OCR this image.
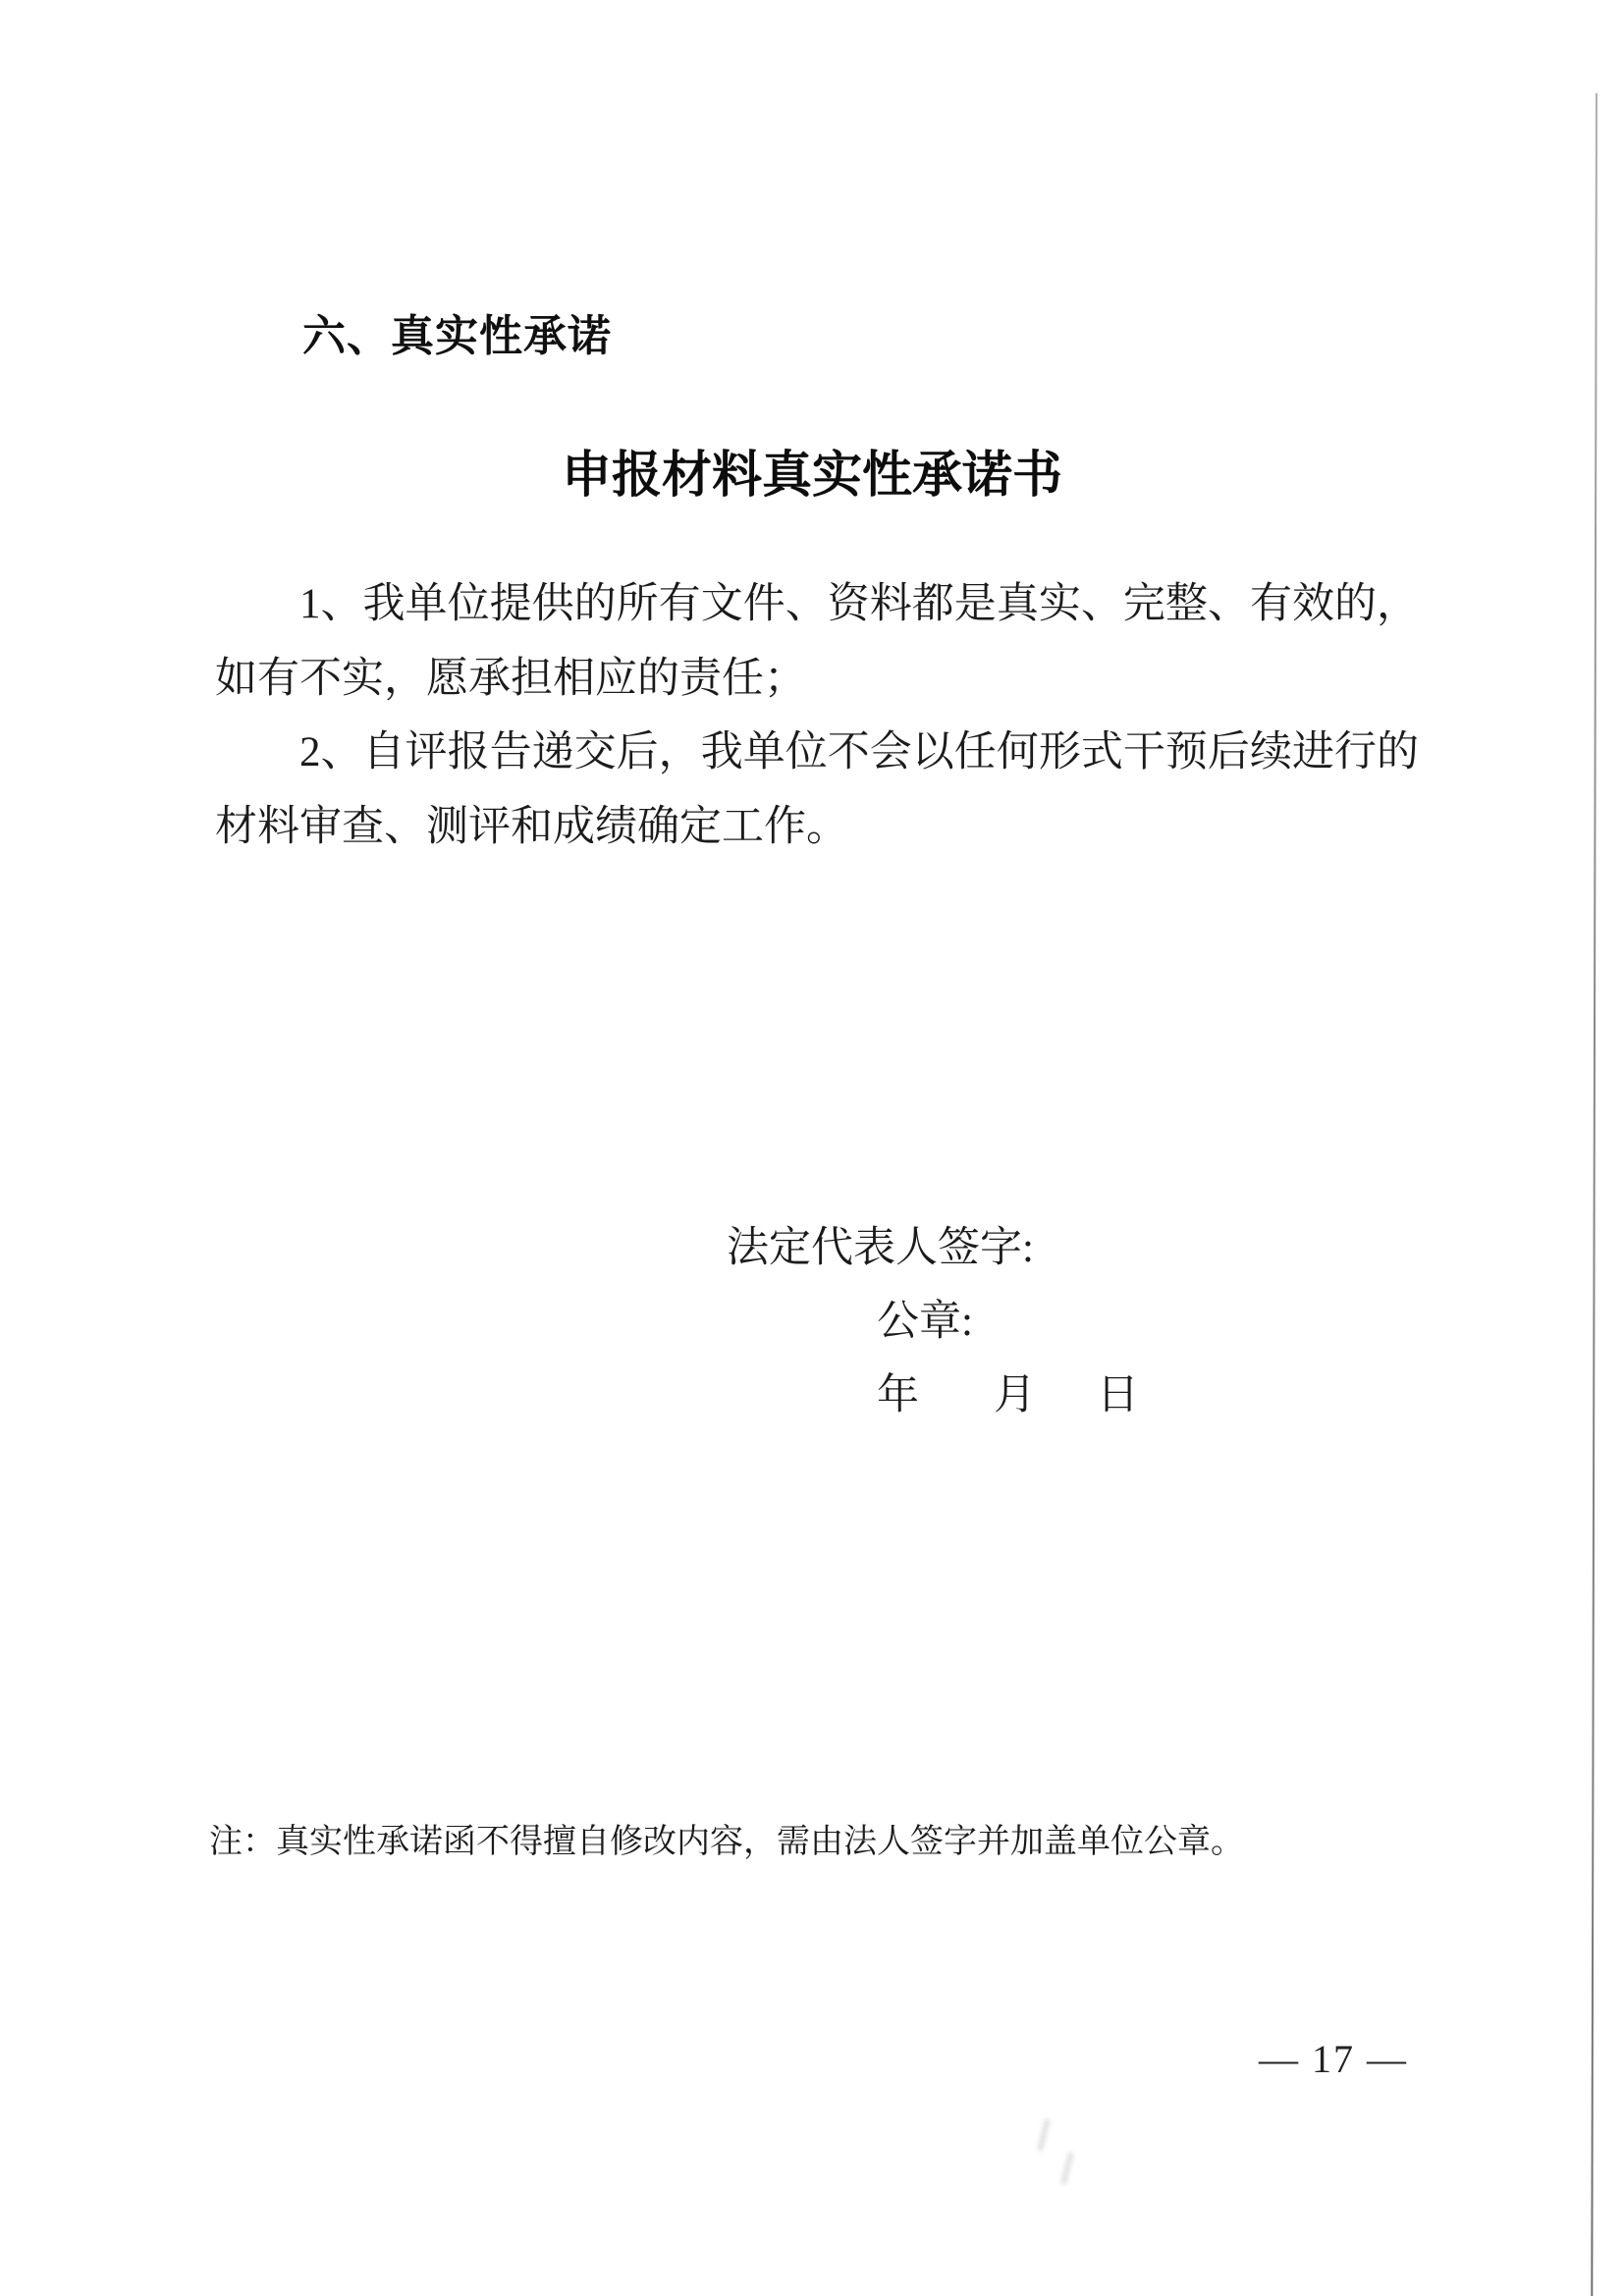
六、真实性承诺
申报材料真实性承诺书
1、我单位提供的所有文件、资料都是真实、完整、有效的，
如有不实，愿承担相应的责任；
2、自评报告递交后，我单位不会以任何形式干预后续进行的
材料审查、测评和成绩确定工作。
法定代表人签字:
公章:
年 月 日
注：真实性承诺函不得擅自修改内容，需由法人签字并加盖单位公章。
— 17 —
